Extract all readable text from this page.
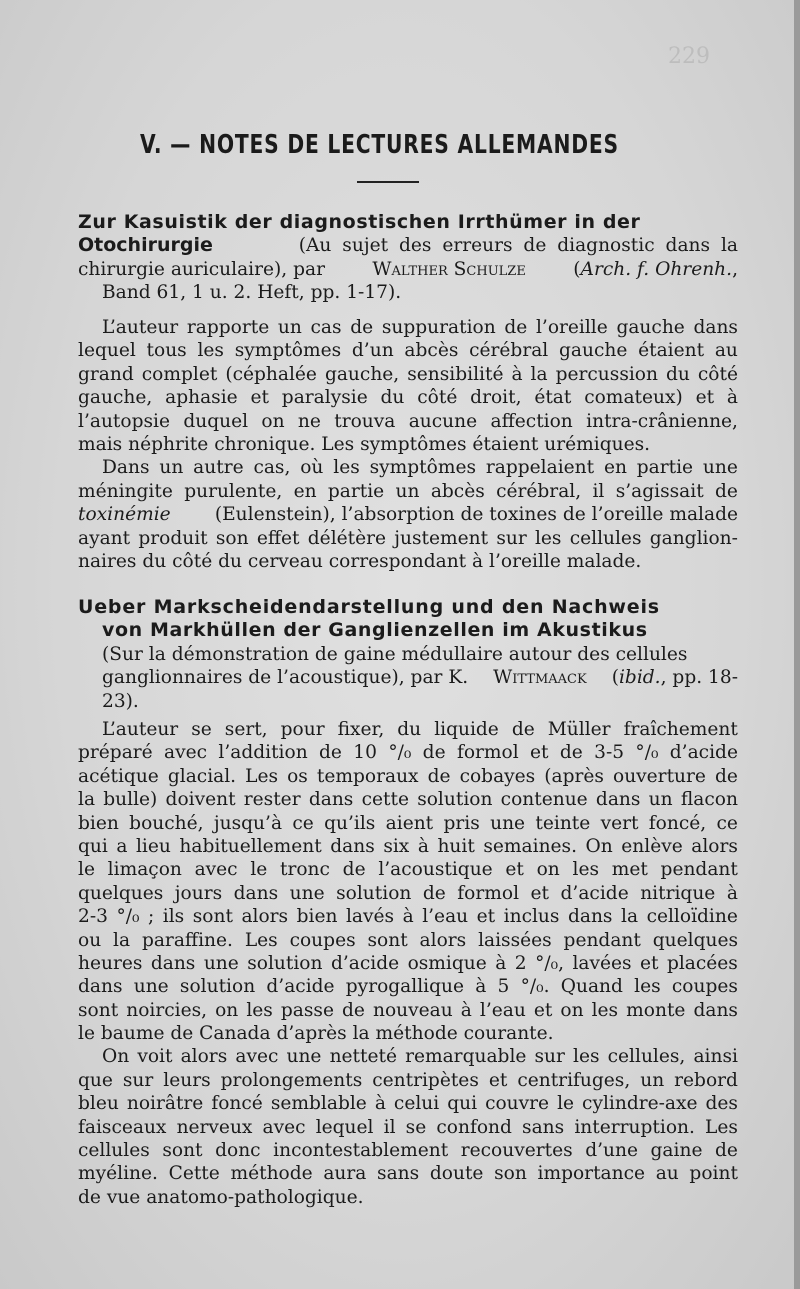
229
V. — NOTES DE LECTURES ALLEMANDES
Zur Kasuistik der diagnostischen Irrthümer in der
Otochirurgie	(Au sujet des erreurs de diagnostic dans la
chirurgie auriculaire), par	Walther Schulze	(Arch. f. Ohrenh.,
Band 61, 1 u. 2. Heft, pp. 1-17).
L’auteur rapporte un cas de suppuration de l’oreille gauche dans
lequel tous les symptômes d’un abcès cérébral gauche étaient au
grand complet (céphalée gauche, sensibilité à la percussion du côté
gauche, aphasie et paralysie du côté droit, état comateux) et à
l’autopsie duquel on ne trouva aucune affection intra-crânienne,
mais néphrite chronique. Les symptômes étaient urémiques.
Dans un autre cas, où les symptômes rappelaient en partie une
méningite purulente, en partie un abcès cérébral, il s’agissait de
toxinémie	(Eulenstein), l’absorption de toxines de l’oreille malade
ayant produit son effet délétère justement sur les cellules ganglion-
naires du côté du cerveau correspondant à l’oreille malade.
Ueber Markscheidendarstellung und den Nachweis
von Markhüllen der Ganglienzellen im Akustikus
(Sur la démonstration de gaine médullaire autour des cellules
ganglionnaires de l’acoustique), par K. Wittmaack (ibid., pp. 18-
23).
L’auteur se sert, pour fixer, du liquide de Müller fraîchement
préparé avec l’addition de 10 °/₀ de formol et de 3-5 °/₀ d’acide
acétique glacial. Les os temporaux de cobayes (après ouverture de
la bulle) doivent rester dans cette solution contenue dans un flacon
bien bouché, jusqu’à ce qu’ils aient pris une teinte vert foncé, ce
qui a lieu habituellement dans six à huit semaines. On enlève alors
le limaçon avec le tronc de l’acoustique et on les met pendant
quelques jours dans une solution de formol et d’acide nitrique à
2-3 °/₀ ; ils sont alors bien lavés à l’eau et inclus dans la celloïdine
ou la paraffine. Les coupes sont alors laissées pendant quelques
heures dans une solution d’acide osmique à 2 °/₀, lavées et placées
dans une solution d’acide pyrogallique à 5 °/₀. Quand les coupes
sont noircies, on les passe de nouveau à l’eau et on les monte dans
le baume de Canada d’après la méthode courante.
On voit alors avec une netteté remarquable sur les cellules, ainsi
que sur leurs prolongements centripètes et centrifuges, un rebord
bleu noirâtre foncé semblable à celui qui couvre le cylindre-axe des
faisceaux nerveux avec lequel il se confond sans interruption. Les
cellules sont donc incontestablement recouvertes d’une gaine de
myéline. Cette méthode aura sans doute son importance au point
de vue anatomo-pathologique.
